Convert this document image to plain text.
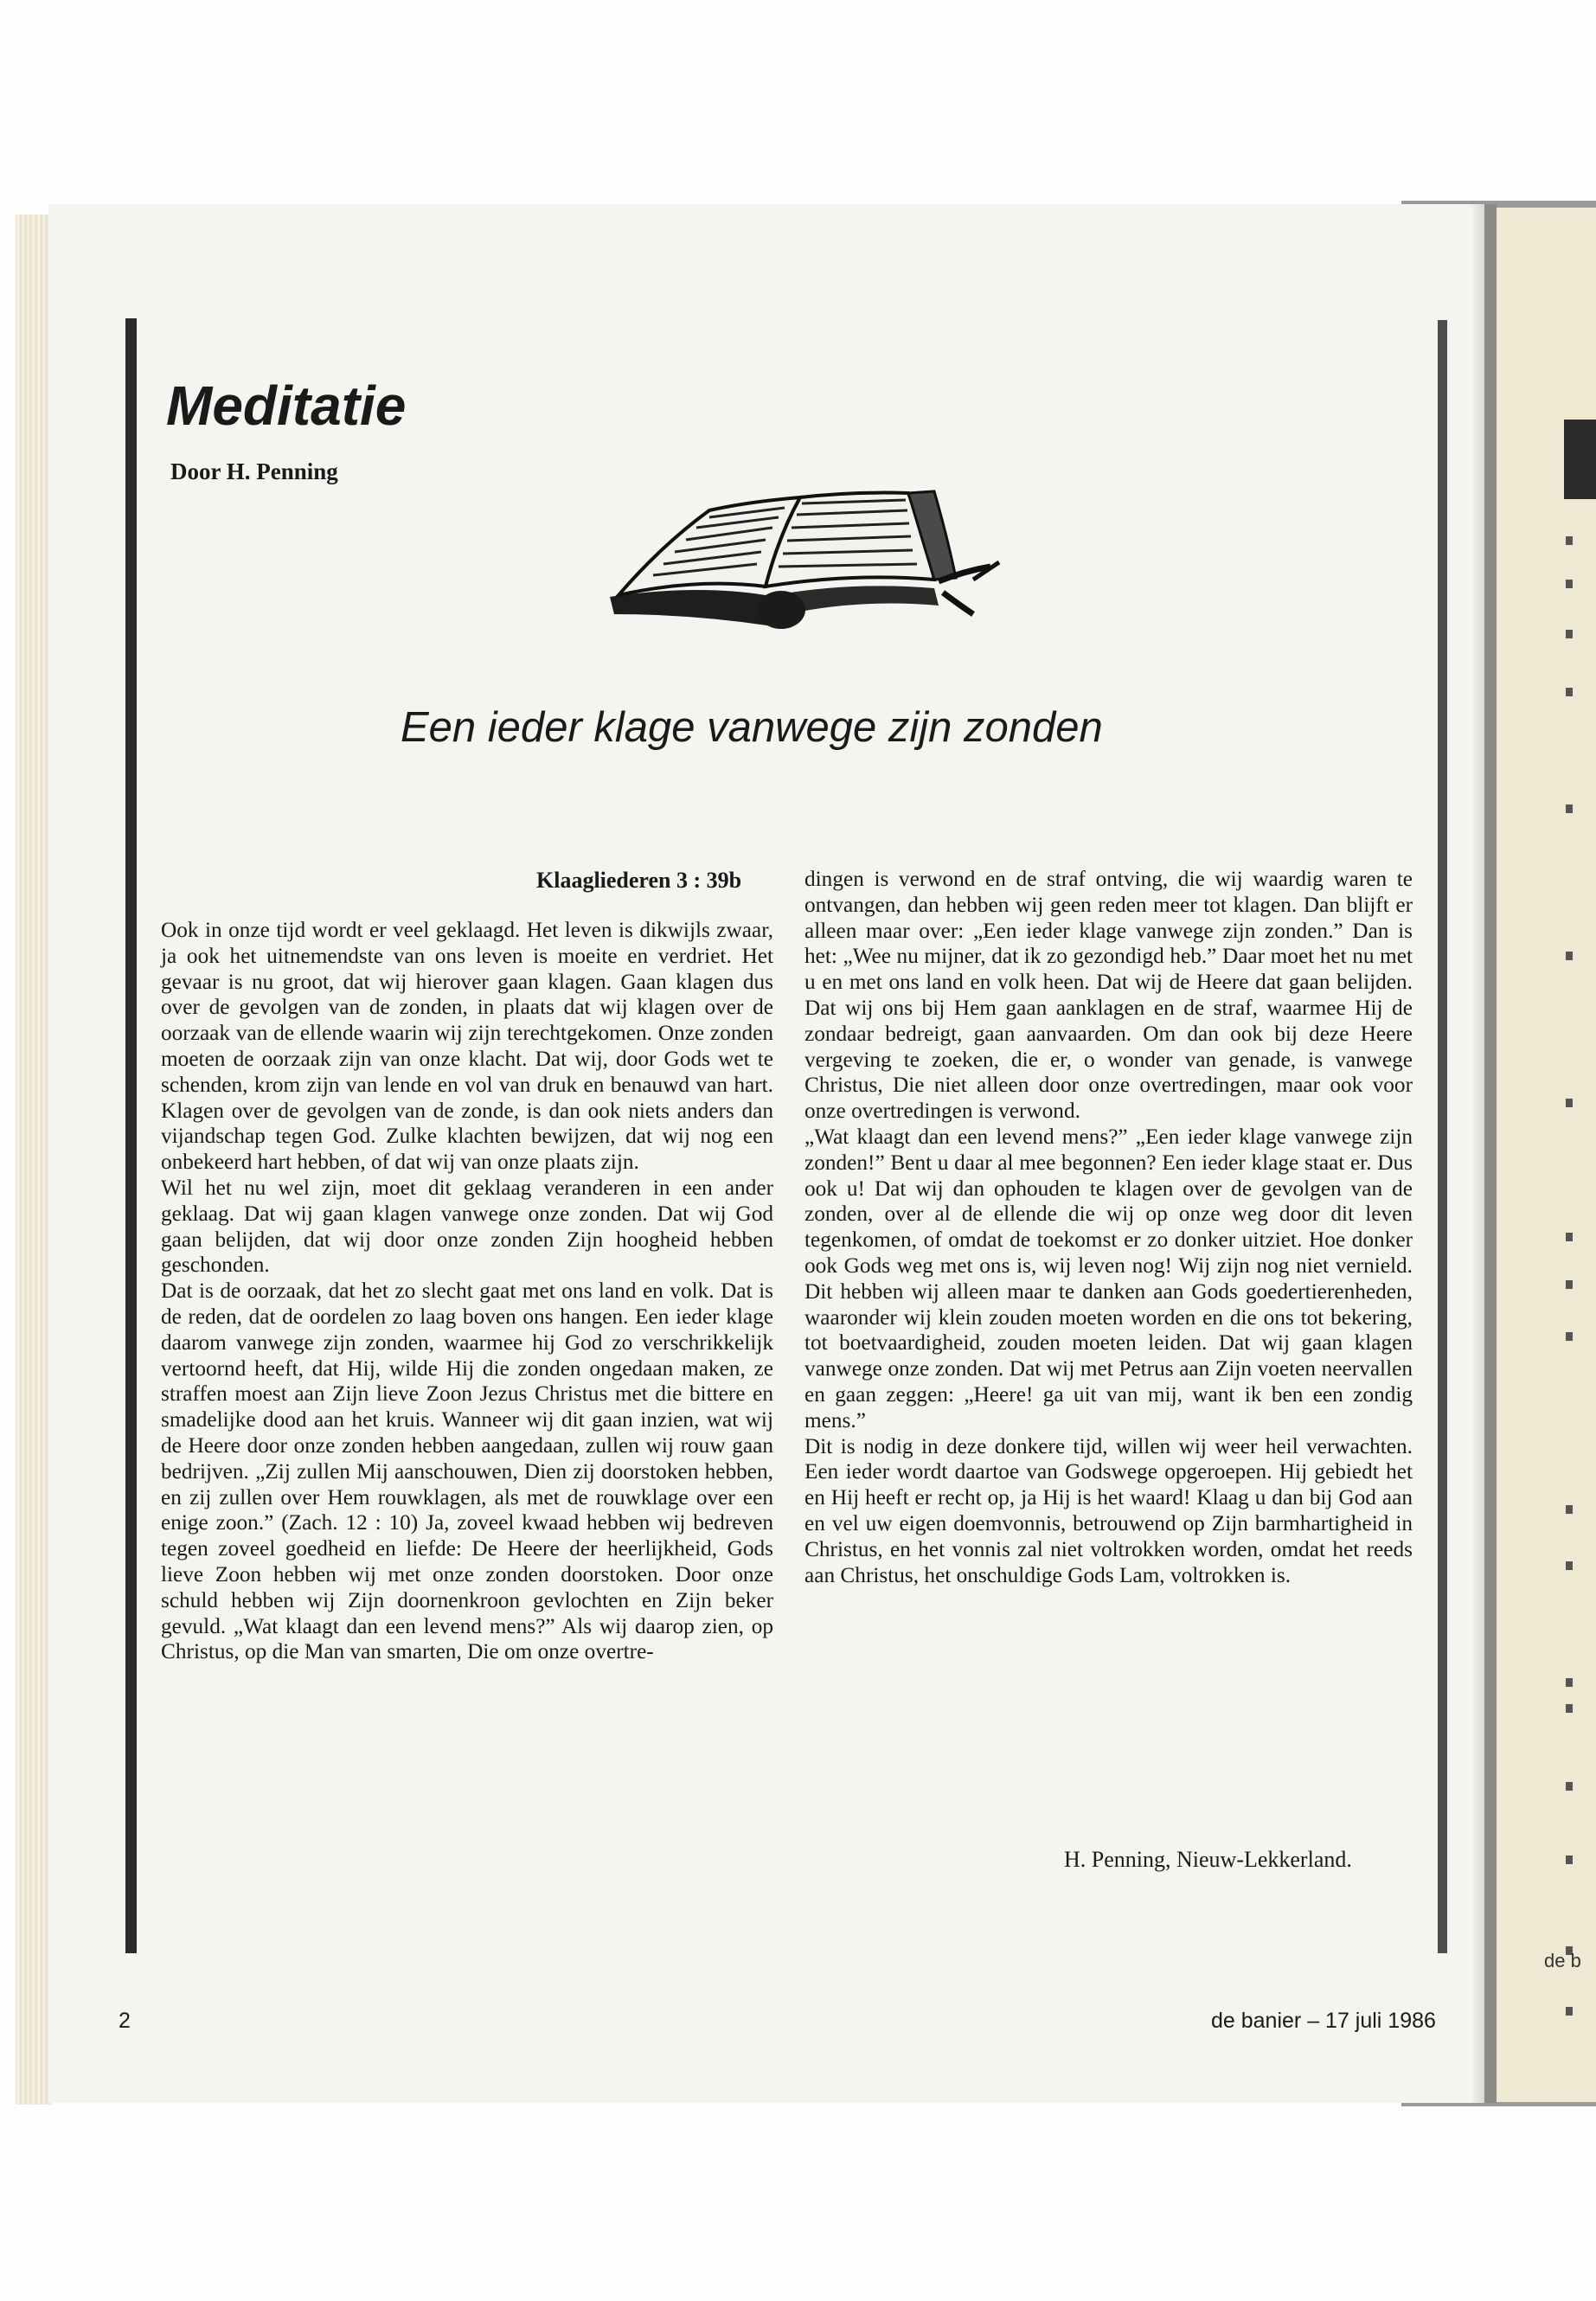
de b
Meditatie
Door H. Penning
Een ieder klage vanwege zijn zonden
Klaagliederen 3 : 39b

Ook in onze tijd wordt er veel geklaagd. Het leven is dikwijls zwaar, ja ook het uitnemendste van ons leven is moeite en verdriet. Het gevaar is nu groot, dat wij hierover gaan klagen. Gaan klagen dus over de gevolgen van de zonden, in plaats dat wij klagen over de oorzaak van de ellende waarin wij zijn terechtgekomen. Onze zonden moeten de oorzaak zijn van onze klacht. Dat wij, door Gods wet te schenden, krom zijn van lende en vol van druk en benauwd van hart. Klagen over de gevolgen van de zonde, is dan ook niets anders dan vijandschap tegen God. Zulke klachten bewijzen, dat wij nog een onbekeerd hart hebben, of dat wij van onze plaats zijn.

Wil het nu wel zijn, moet dit geklaag veranderen in een ander geklaag. Dat wij gaan klagen vanwege onze zonden. Dat wij God gaan belijden, dat wij door onze zonden Zijn hoogheid hebben geschonden.

Dat is de oorzaak, dat het zo slecht gaat met ons land en volk. Dat is de reden, dat de oordelen zo laag boven ons hangen. Een ieder klage daarom vanwege zijn zonden, waarmee hij God zo verschrikkelijk vertoornd heeft, dat Hij, wilde Hij die zonden ongedaan maken, ze straffen moest aan Zijn lieve Zoon Jezus Christus met die bittere en smadelijke dood aan het kruis. Wanneer wij dit gaan inzien, wat wij de Heere door onze zonden hebben aangedaan, zullen wij rouw gaan bedrijven. „Zij zullen Mij aanschouwen, Dien zij doorstoken hebben, en zij zullen over Hem rouwklagen, als met de rouwklage over een enige zoon.” (Zach. 12 : 10) Ja, zoveel kwaad hebben wij bedreven tegen zoveel goedheid en liefde: De Heere der heerlijkheid, Gods lieve Zoon hebben wij met onze zonden doorstoken. Door onze schuld hebben wij Zijn doornenkroon gevlochten en Zijn beker gevuld. „Wat klaagt dan een levend mens?” Als wij daarop zien, op Christus, op die Man van smarten, Die om onze overtre-

dingen is verwond en de straf ontving, die wij waardig waren te ontvangen, dan hebben wij geen reden meer tot klagen. Dan blijft er alleen maar over: „Een ieder klage vanwege zijn zonden.” Dan is het: „Wee nu mijner, dat ik zo gezondigd heb.” Daar moet het nu met u en met ons land en volk heen. Dat wij de Heere dat gaan belijden. Dat wij ons bij Hem gaan aanklagen en de straf, waarmee Hij de zondaar bedreigt, gaan aanvaarden. Om dan ook bij deze Heere vergeving te zoeken, die er, o wonder van genade, is vanwege Christus, Die niet alleen door onze overtredingen, maar ook voor onze overtredingen is verwond.

„Wat klaagt dan een levend mens?” „Een ieder klage vanwege zijn zonden!” Bent u daar al mee begonnen? Een ieder klage staat er. Dus ook u! Dat wij dan ophouden te klagen over de gevolgen van de zonden, over al de ellende die wij op onze weg door dit leven tegenkomen, of omdat de toekomst er zo donker uitziet. Hoe donker ook Gods weg met ons is, wij leven nog! Wij zijn nog niet vernield. Dit hebben wij alleen maar te danken aan Gods goedertierenheden, waaronder wij klein zouden moeten worden en die ons tot bekering, tot boetvaardigheid, zouden moeten leiden. Dat wij gaan klagen vanwege onze zonden. Dat wij met Petrus aan Zijn voeten neervallen en gaan zeggen: „Heere! ga uit van mij, want ik ben een zondig mens.”

Dit is nodig in deze donkere tijd, willen wij weer heil verwachten. Een ieder wordt daartoe van Godswege opgeroepen. Hij gebiedt het en Hij heeft er recht op, ja Hij is het waard! Klaag u dan bij God aan en vel uw eigen doemvonnis, betrouwend op Zijn barmhartigheid in Christus, en het vonnis zal niet voltrokken worden, omdat het reeds aan Christus, het onschuldige Gods Lam, voltrokken is.

H. Penning, Nieuw-Lekkerland.
2	de banier – 17 juli 1986
